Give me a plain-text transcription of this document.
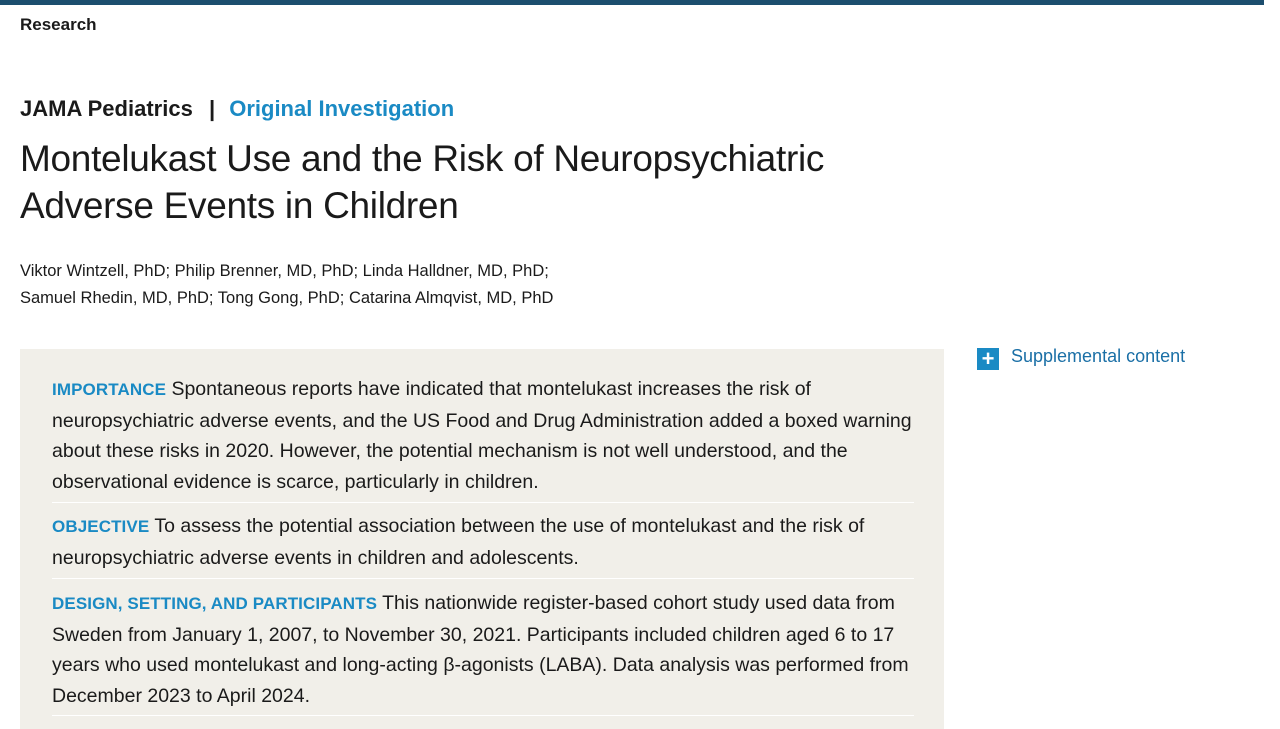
Research
JAMA Pediatrics | Original Investigation
Montelukast Use and the Risk of Neuropsychiatric Adverse Events in Children
Viktor Wintzell, PhD; Philip Brenner, MD, PhD; Linda Halldner, MD, PhD;
Samuel Rhedin, MD, PhD; Tong Gong, PhD; Catarina Almqvist, MD, PhD
+ Supplemental content
IMPORTANCE Spontaneous reports have indicated that montelukast increases the risk of neuropsychiatric adverse events, and the US Food and Drug Administration added a boxed warning about these risks in 2020. However, the potential mechanism is not well understood, and the observational evidence is scarce, particularly in children.
OBJECTIVE To assess the potential association between the use of montelukast and the risk of neuropsychiatric adverse events in children and adolescents.
DESIGN, SETTING, AND PARTICIPANTS This nationwide register-based cohort study used data from Sweden from January 1, 2007, to November 30, 2021. Participants included children aged 6 to 17 years who used montelukast and long-acting β-agonists (LABA). Data analysis was performed from December 2023 to April 2024.
